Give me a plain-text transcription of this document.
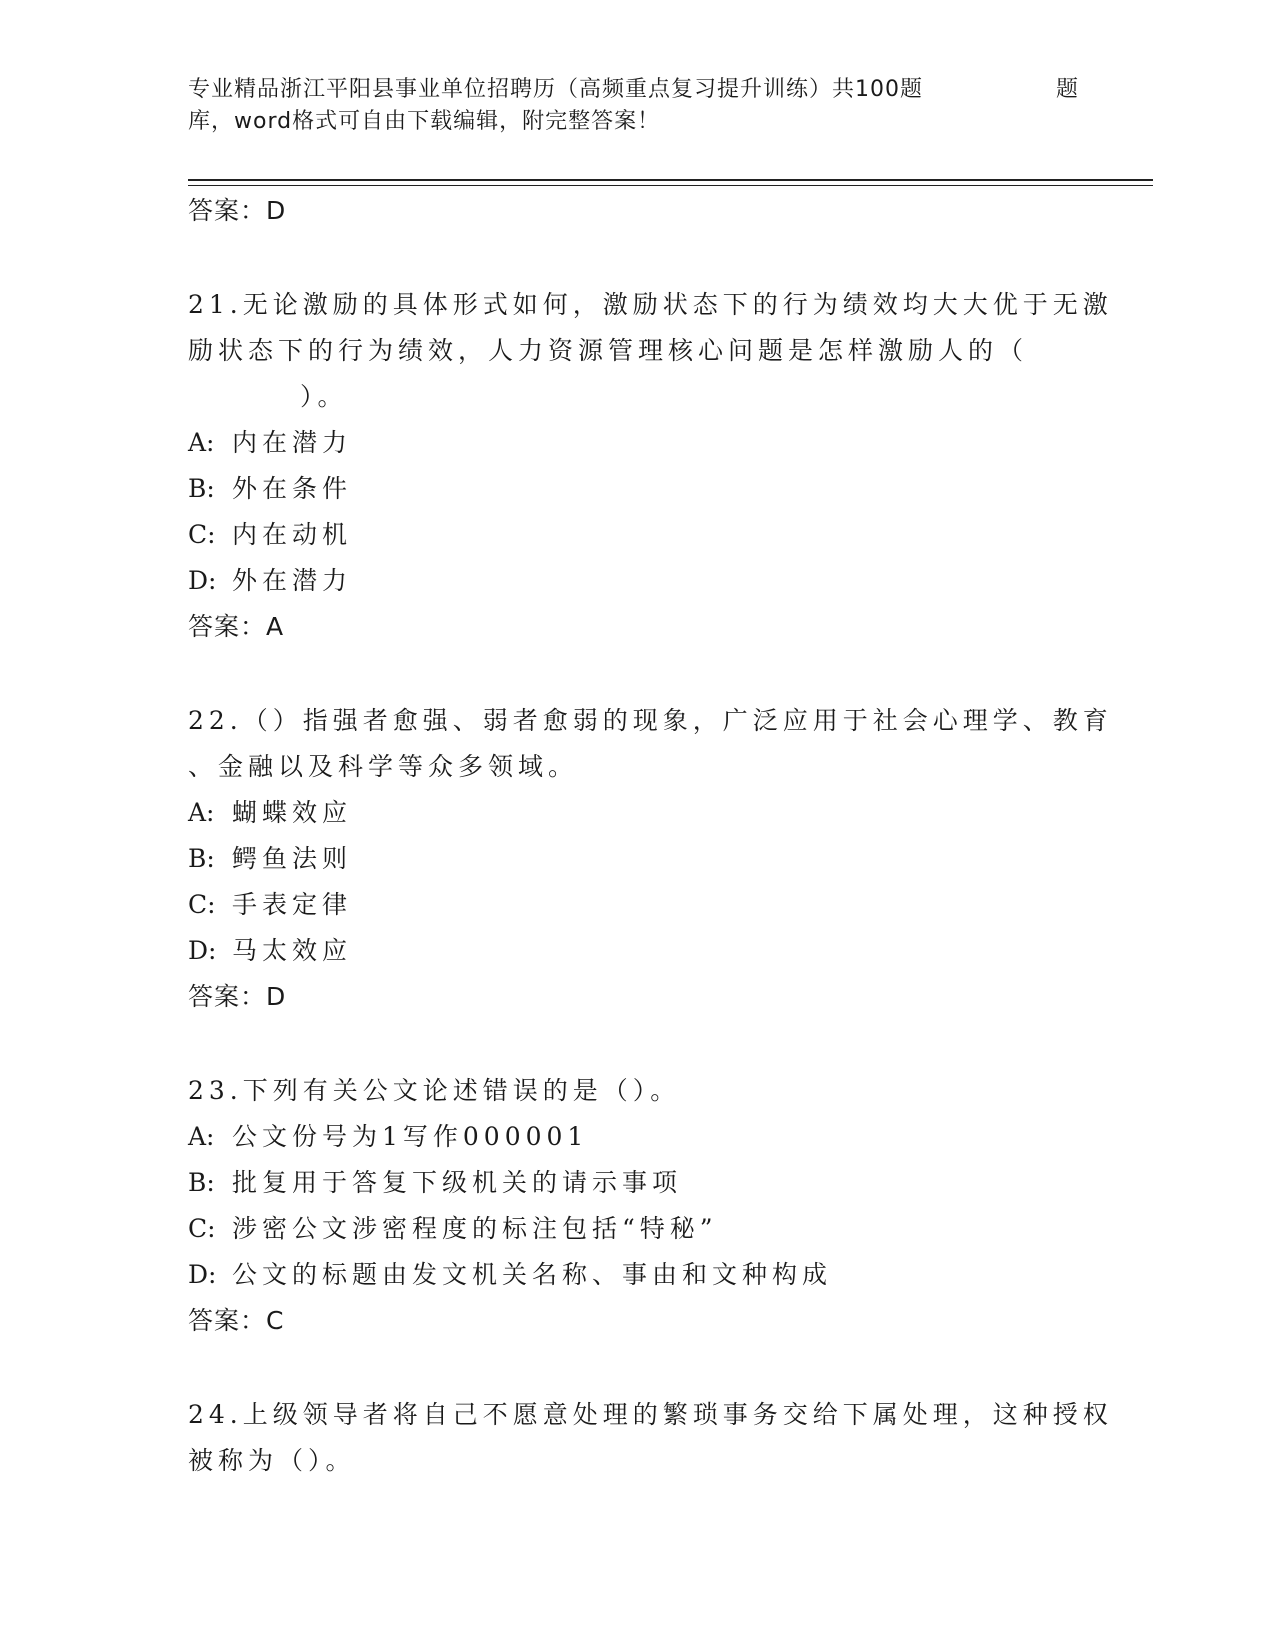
专业精品浙江平阳县事业单位招聘历（高频重点复习提升训练）共100题	题
库，word格式可自由下载编辑，附完整答案！
答案：D
21.无论激励的具体形式如何，激励状态下的行为绩效均大大优于无激
励状态下的行为绩效，人力资源管理核心问题是怎样激励人的（
）。
A: 内在潜力
B: 外在条件
C: 内在动机
D: 外在潜力
答案：A
22.（）指强者愈强、弱者愈弱的现象，广泛应用于社会心理学、教育
、金融以及科学等众多领域。
A: 蝴蝶效应
B: 鳄鱼法则
C: 手表定律
D: 马太效应
答案：D
23.下列有关公文论述错误的是（）。
A: 公文份号为1写作000001
B: 批复用于答复下级机关的请示事项
C: 涉密公文涉密程度的标注包括“特秘”
D: 公文的标题由发文机关名称、事由和文种构成
答案：C
24.上级领导者将自己不愿意处理的繁琐事务交给下属处理，这种授权
被称为（）。
